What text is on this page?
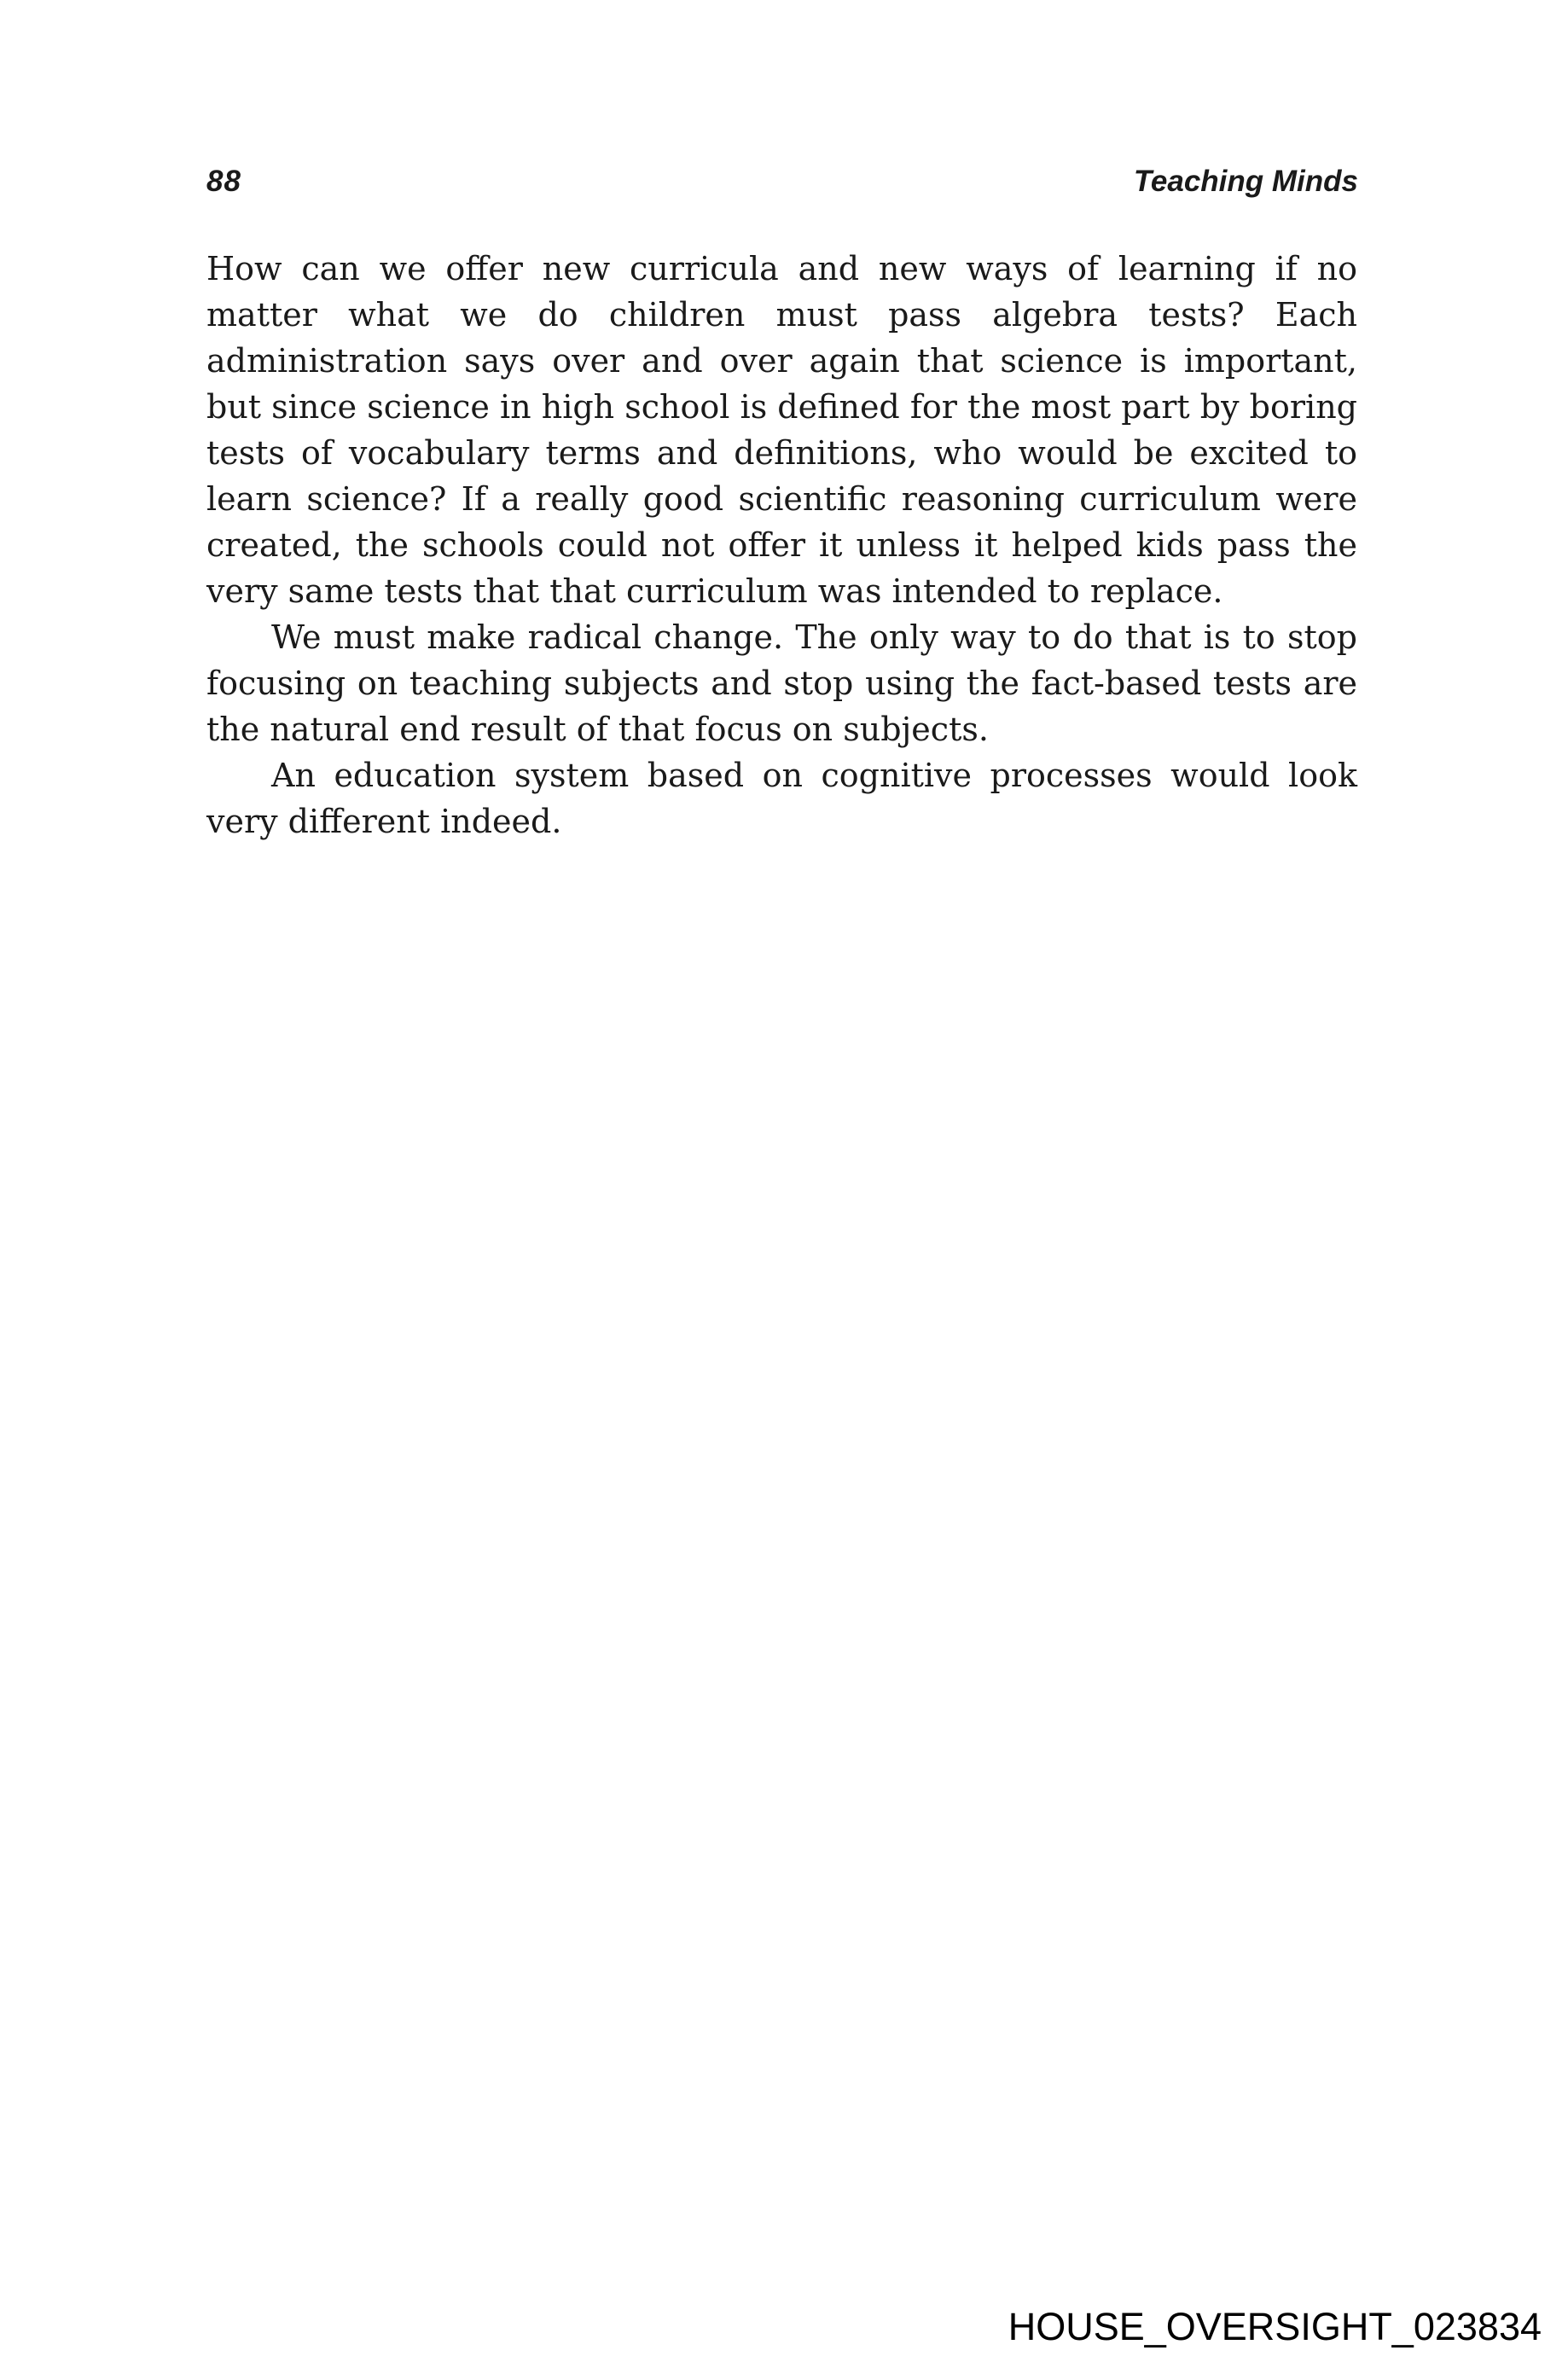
88	Teaching Minds

How can we offer new curricula and new ways of learning if no matter what we do children must pass algebra tests? Each administration says over and over again that science is important, but since science in high school is defined for the most part by boring tests of vocabulary terms and definitions, who would be excited to learn science? If a really good scientific reasoning curriculum were created, the schools could not offer it unless it helped kids pass the very same tests that that curriculum was intended to replace.

We must make radical change. The only way to do that is to stop focusing on teaching subjects and stop using the fact-based tests are the natural end result of that focus on subjects.

An education system based on cognitive processes would look very different indeed.

HOUSE_OVERSIGHT_023834
